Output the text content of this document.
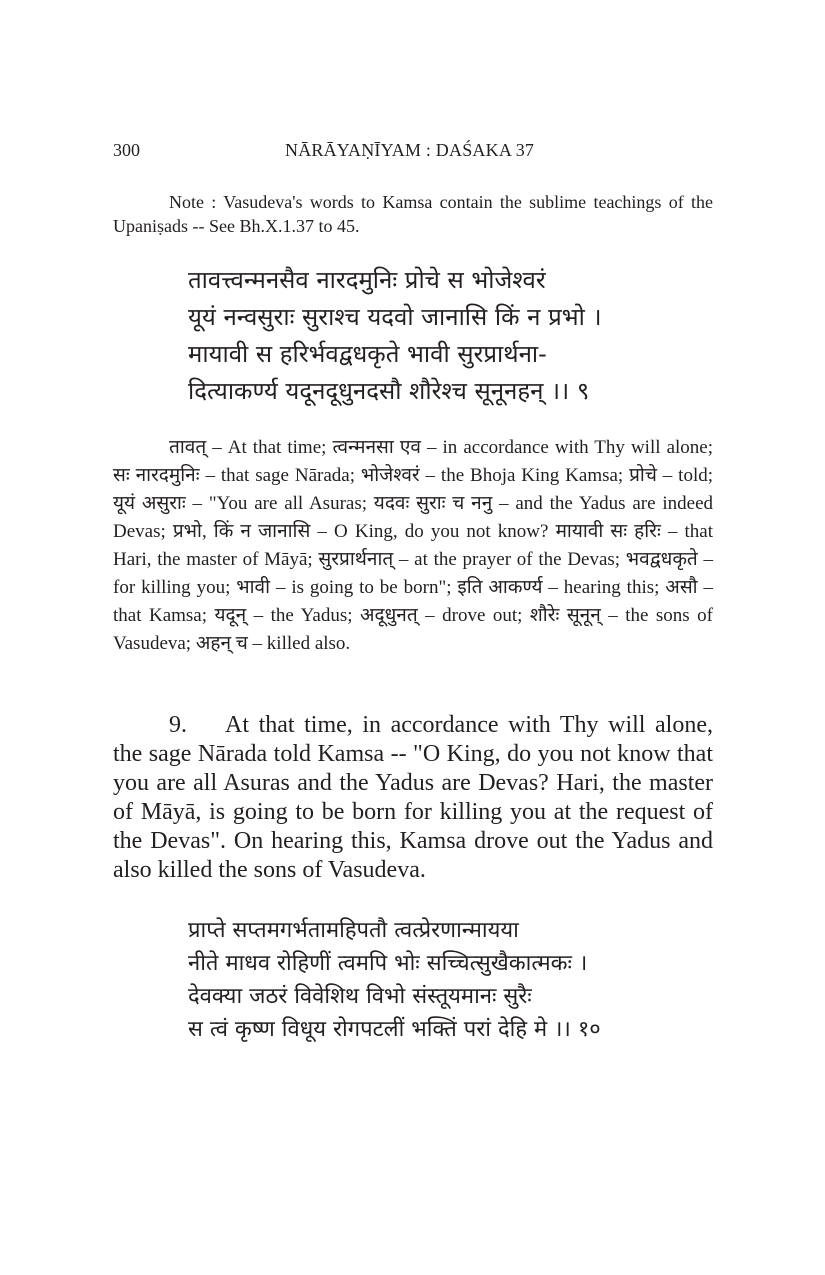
300	NĀRĀYAṆĪYAM : DAŚAKA 37

Note : Vasudeva's words to Kamsa contain the sublime teachings of the Upaniṣads -- See Bh.X.1.37 to 45.

तावत्त्वन्मनसैव नारदमुनिः प्रोचे स भोजेश्वरं
यूयं नन्वसुराः सुराश्च यदवो जानासि किं न प्रभो ।
मायावी स हरिर्भवद्वधकृते भावी सुरप्रार्थना-
दित्याकर्ण्य यदूनदूधुनदसौ शौरेश्च सूनूनहन् ।। ९

तावत् – At that time; त्वन्मनसा एव – in accordance with Thy will alone; सः नारदमुनिः – that sage Nārada; भोजेश्वरं – the Bhoja King Kamsa; प्रोचे – told; यूयं असुराः – "You are all Asuras; यदवः सुराः च ननु – and the Yadus are indeed Devas; प्रभो, किं न जानासि – O King, do you not know? मायावी सः हरिः – that Hari, the master of Māyā; सुरप्रार्थनात् – at the prayer of the Devas; भवद्वधकृते – for killing you; भावी – is going to be born"; इति आकर्ण्य – hearing this; असौ – that Kamsa; यदून् – the Yadus; अदूधुनत् – drove out; शौरेः सूनून् – the sons of Vasudeva; अहन् च – killed also.

9. At that time, in accordance with Thy will alone, the sage Nārada told Kamsa -- "O King, do you not know that you are all Asuras and the Yadus are Devas? Hari, the master of Māyā, is going to be born for killing you at the request of the Devas". On hearing this, Kamsa drove out the Yadus and also killed the sons of Vasudeva.

प्राप्ते सप्तमगर्भतामहिपतौ त्वत्प्रेरणान्मायया
नीते माधव रोहिणीं त्वमपि भोः सच्चित्सुखैकात्मकः ।
देवक्या जठरं विवेशिथ विभो संस्तूयमानः सुरैः
स त्वं कृष्ण विधूय रोगपटलीं भक्तिं परां देहि मे ।। १०
